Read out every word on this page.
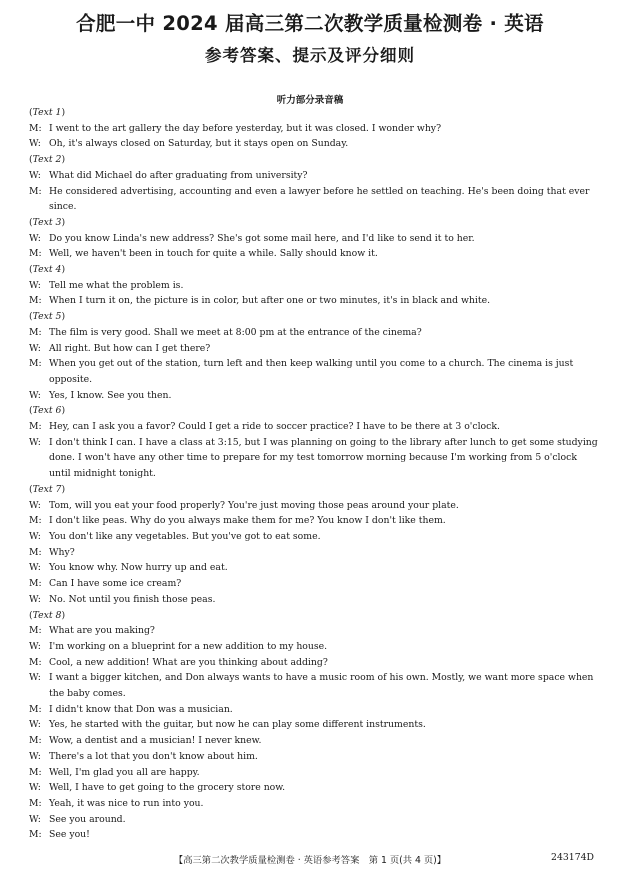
合肥一中 2024 届高三第二次教学质量检测卷 · 英语
参考答案、提示及评分细则
听力部分录音稿
(Text 1)
M: I went to the art gallery the day before yesterday, but it was closed. I wonder why?
W: Oh, it's always closed on Saturday, but it stays open on Sunday.
(Text 2)
W: What did Michael do after graduating from university?
M: He considered advertising, accounting and even a lawyer before he settled on teaching. He's been doing that ever since.
(Text 3)
W: Do you know Linda's new address? She's got some mail here, and I'd like to send it to her.
M: Well, we haven't been in touch for quite a while. Sally should know it.
(Text 4)
W: Tell me what the problem is.
M: When I turn it on, the picture is in color, but after one or two minutes, it's in black and white.
(Text 5)
M: The film is very good. Shall we meet at 8:00 pm at the entrance of the cinema?
W: All right. But how can I get there?
M: When you get out of the station, turn left and then keep walking until you come to a church. The cinema is just opposite.
W: Yes, I know. See you then.
(Text 6)
M: Hey, can I ask you a favor? Could I get a ride to soccer practice? I have to be there at 3 o'clock.
W: I don't think I can. I have a class at 3:15, but I was planning on going to the library after lunch to get some studying done. I won't have any other time to prepare for my test tomorrow morning because I'm working from 5 o'clock until midnight tonight.
(Text 7)
W: Tom, will you eat your food properly? You're just moving those peas around your plate.
M: I don't like peas. Why do you always make them for me? You know I don't like them.
W: You don't like any vegetables. But you've got to eat some.
M: Why?
W: You know why. Now hurry up and eat.
M: Can I have some ice cream?
W: No. Not until you finish those peas.
(Text 8)
M: What are you making?
W: I'm working on a blueprint for a new addition to my house.
M: Cool, a new addition! What are you thinking about adding?
W: I want a bigger kitchen, and Don always wants to have a music room of his own. Mostly, we want more space when the baby comes.
M: I didn't know that Don was a musician.
W: Yes, he started with the guitar, but now he can play some different instruments.
M: Wow, a dentist and a musician! I never knew.
W: There's a lot that you don't know about him.
M: Well, I'm glad you all are happy.
W: Well, I have to get going to the grocery store now.
M: Yeah, it was nice to run into you.
W: See you around.
M: See you!
【高三第二次教学质量检测卷 · 英语参考答案　第 1 页(共 4 页)】	243174D
